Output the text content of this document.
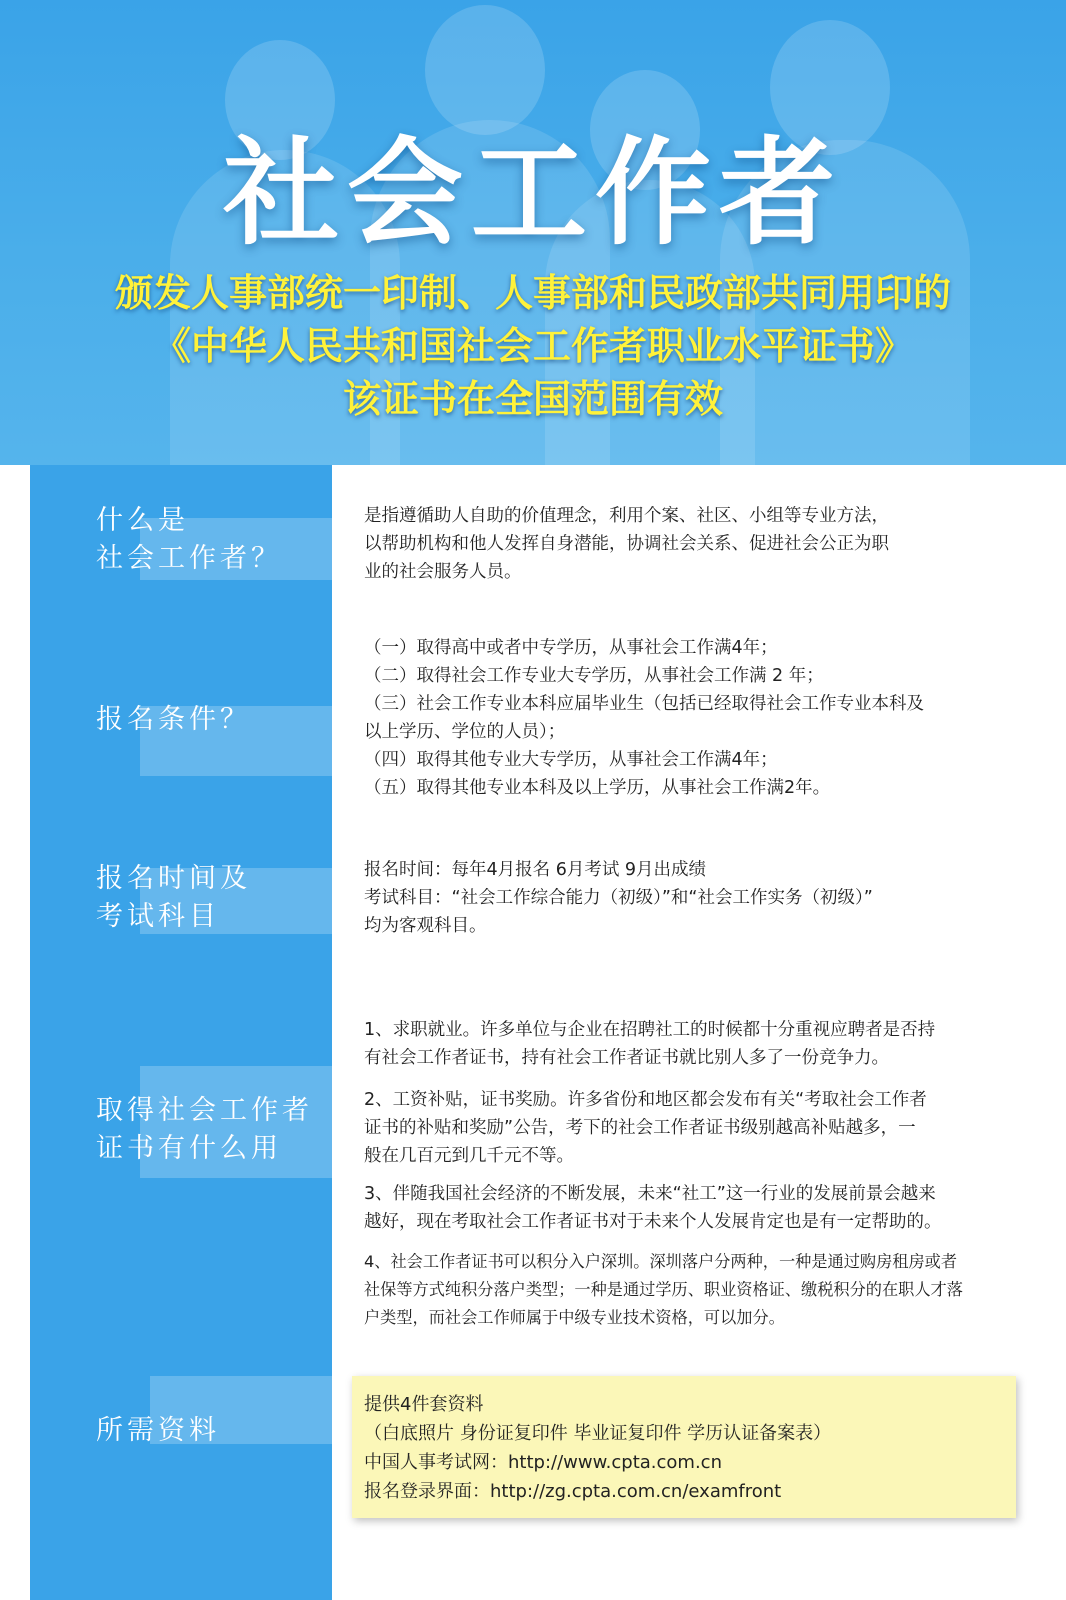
社会工作者
颁发人事部统一印制、人事部和民政部共同用印的
《中华人民共和国社会工作者职业水平证书》
该证书在全国范围有效
什么是
社会工作者？

是指遵循助人自助的价值理念，利用个案、社区、小组等专业方法，

以帮助机构和他人发挥自身潜能，协调社会关系、促进社会公正为职

业的社会服务人员。

报名条件？

（一）取得高中或者中专学历，从事社会工作满4年；

（二）取得社会工作专业大专学历，从事社会工作满 2 年；

（三）社会工作专业本科应届毕业生（包括已经取得社会工作专业本科及

以上学历、学位的人员）；

（四）取得其他专业大专学历，从事社会工作满4年；

（五）取得其他专业本科及以上学历，从事社会工作满2年。

报名时间及
考试科目

报名时间：每年4月报名 6月考试 9月出成绩

考试科目：“社会工作综合能力（初级）”和“社会工作实务（初级）”

均为客观科目。

取得社会工作者
证书有什么用

1、求职就业。许多单位与企业在招聘社工的时候都十分重视应聘者是否持

有社会工作者证书，持有社会工作者证书就比别人多了一份竞争力。

2、工资补贴，证书奖励。许多省份和地区都会发布有关“考取社会工作者

证书的补贴和奖励”公告，考下的社会工作者证书级别越高补贴越多，一

般在几百元到几千元不等。

3、伴随我国社会经济的不断发展，未来“社工”这一行业的发展前景会越来

越好，现在考取社会工作者证书对于未来个人发展肯定也是有一定帮助的。

4、社会工作者证书可以积分入户深圳。深圳落户分两种，一种是通过购房租房或者

社保等方式纯积分落户类型；一种是通过学历、职业资格证、缴税积分的在职人才落

户类型，而社会工作师属于中级专业技术资格，可以加分。

所需资料

提供4件套资料

（白底照片 身份证复印件 毕业证复印件 学历认证备案表）

中国人事考试网：http://www.cpta.com.cn

报名登录界面：http://zg.cpta.com.cn/examfront
